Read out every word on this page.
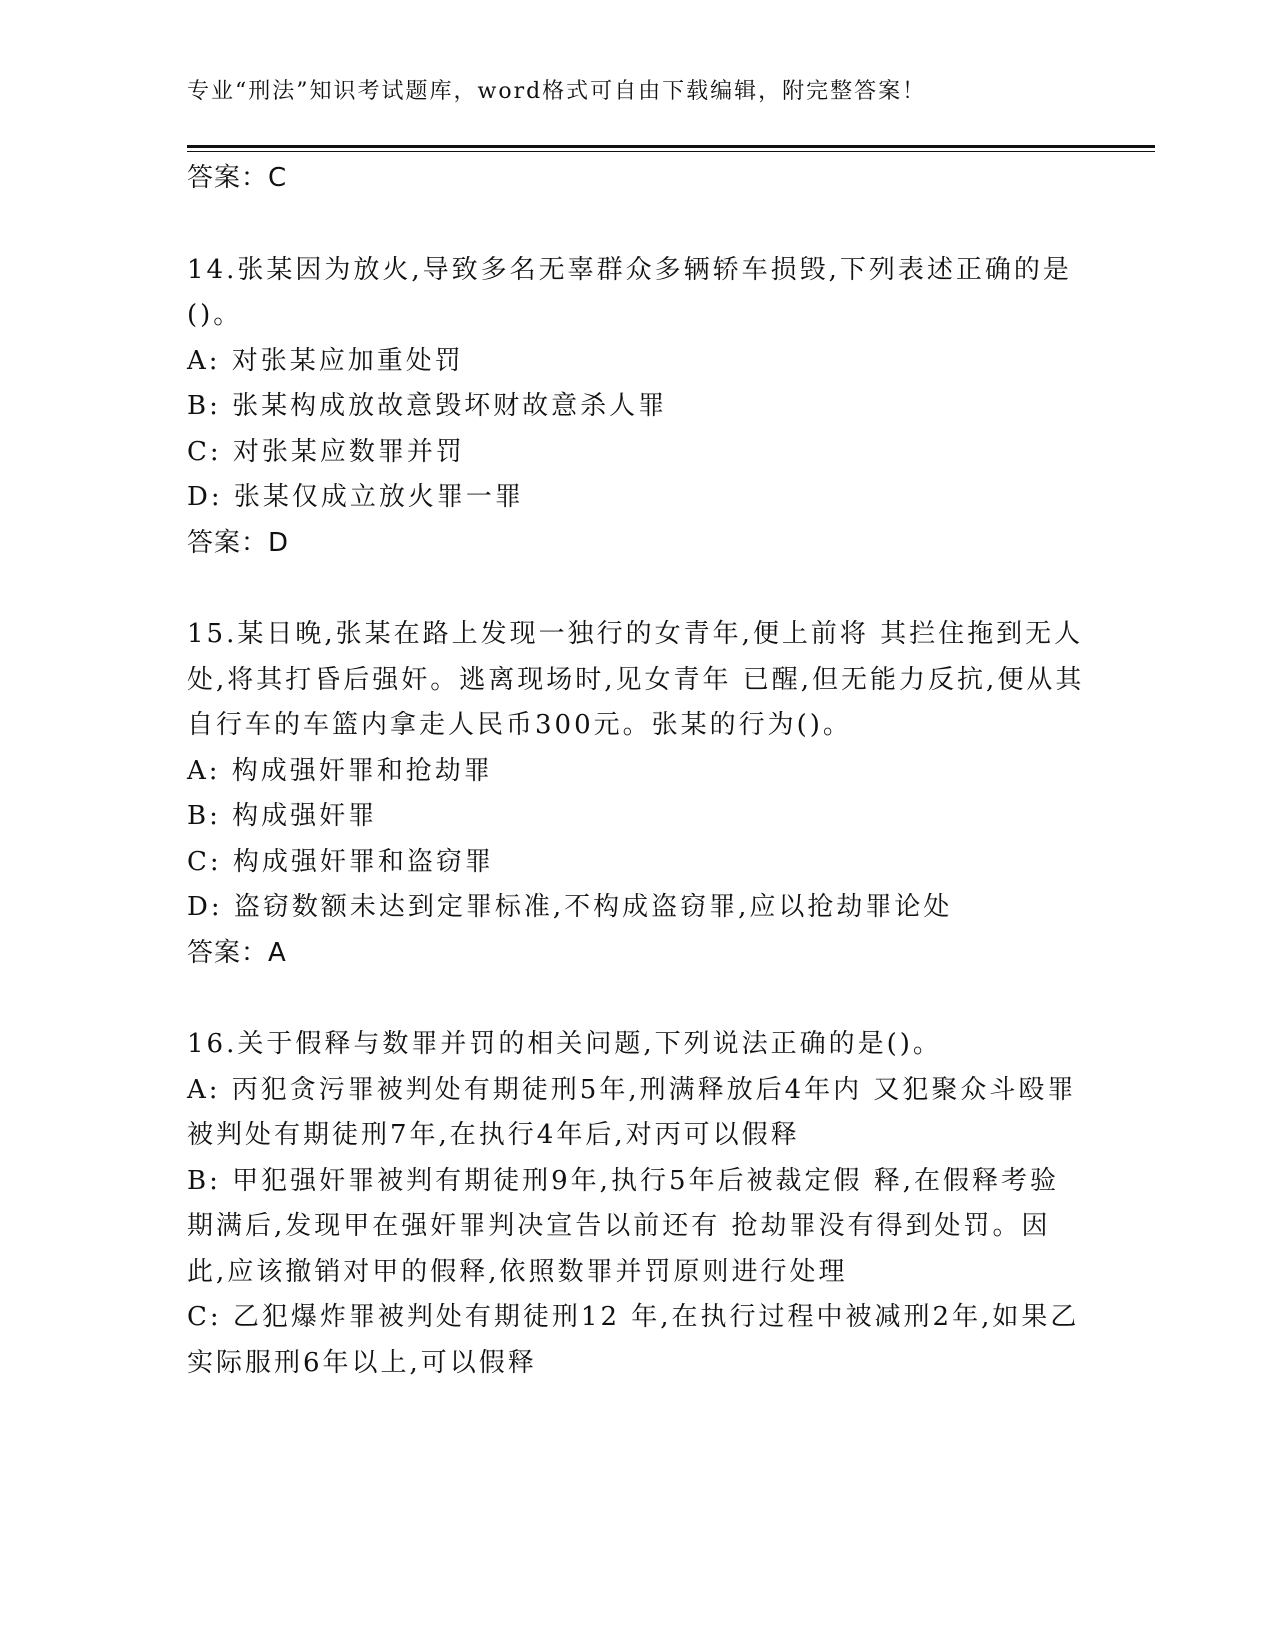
专业“刑法”知识考试题库，word格式可自由下载编辑，附完整答案！

答案：C

14.张某因为放火,导致多名无辜群众多辆轿车损毁,下列表述正确的是()。

A: 对张某应加重处罚

B: 张某构成放故意毁坏财故意杀人罪

C: 对张某应数罪并罚

D: 张某仅成立放火罪一罪

答案：D

15.某日晚,张某在路上发现一独行的女青年,便上前将 其拦住拖到无人处,将其打昏后强奸。逃离现场时,见女青年 已醒,但无能力反抗,便从其自行车的车篮内拿走人民币300元。张某的行为()。

A: 构成强奸罪和抢劫罪

B: 构成强奸罪

C: 构成强奸罪和盗窃罪

D: 盗窃数额未达到定罪标准,不构成盗窃罪,应以抢劫罪论处

答案：A

16.关于假释与数罪并罚的相关问题,下列说法正确的是()。

A: 丙犯贪污罪被判处有期徒刑5年,刑满释放后4年内 又犯聚众斗殴罪被判处有期徒刑7年,在执行4年后,对丙可以假释

B: 甲犯强奸罪被判有期徒刑9年,执行5年后被裁定假 释,在假释考验期满后,发现甲在强奸罪判决宣告以前还有 抢劫罪没有得到处罚。因此,应该撤销对甲的假释,依照数罪并罚原则进行处理

C: 乙犯爆炸罪被判处有期徒刑12 年,在执行过程中被减刑2年,如果乙实际服刑6年以上,可以假释
